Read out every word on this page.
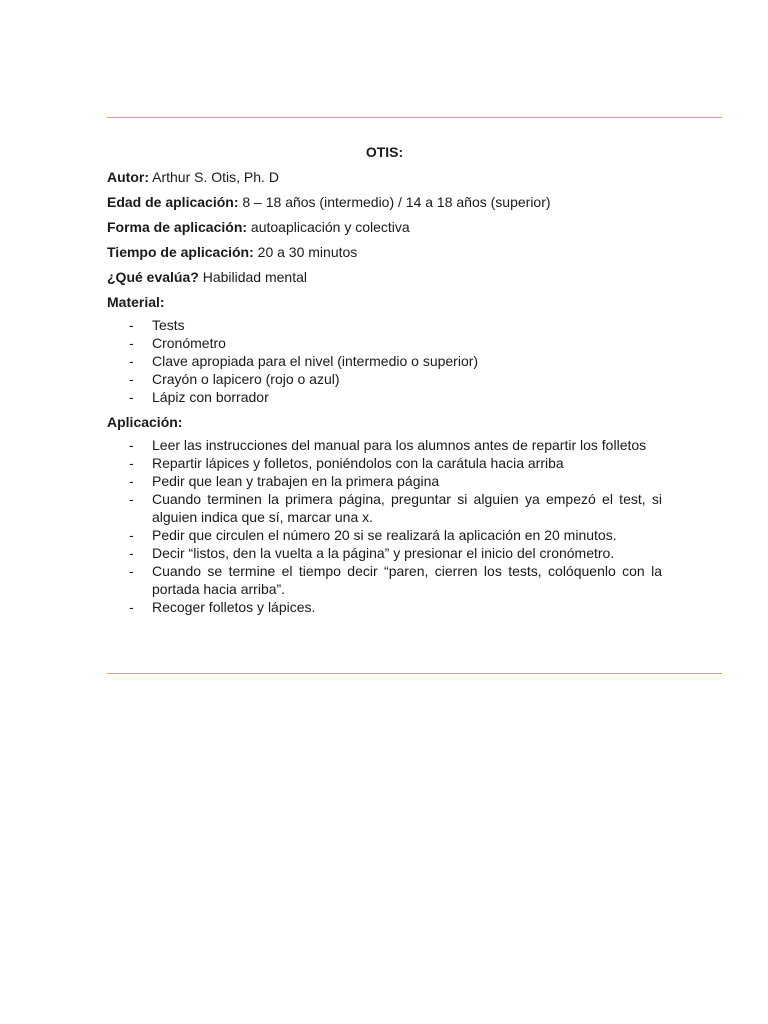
OTIS:
Autor: Arthur S. Otis, Ph. D
Edad de aplicación: 8 – 18 años (intermedio) / 14 a 18 años (superior)
Forma de aplicación: autoaplicación y colectiva
Tiempo de aplicación: 20 a 30 minutos
¿Qué evalúa? Habilidad mental
Material:
- Tests
- Cronómetro
- Clave apropiada para el nivel (intermedio o superior)
- Crayón o lapicero (rojo o azul)
- Lápiz con borrador
Aplicación:
- Leer las instrucciones del manual para los alumnos antes de repartir los folletos
- Repartir lápices y folletos, poniéndolos con la carátula hacia arriba
- Pedir que lean y trabajen en la primera página
- Cuando terminen la primera página, preguntar si alguien ya empezó el test, si alguien indica que sí, marcar una x.
- Pedir que circulen el número 20 si se realizará la aplicación en 20 minutos.
- Decir “listos, den la vuelta a la página” y presionar el inicio del cronómetro.
- Cuando se termine el tiempo decir “paren, cierren los tests, colóquenlo con la portada hacia arriba”.
- Recoger folletos y lápices.
